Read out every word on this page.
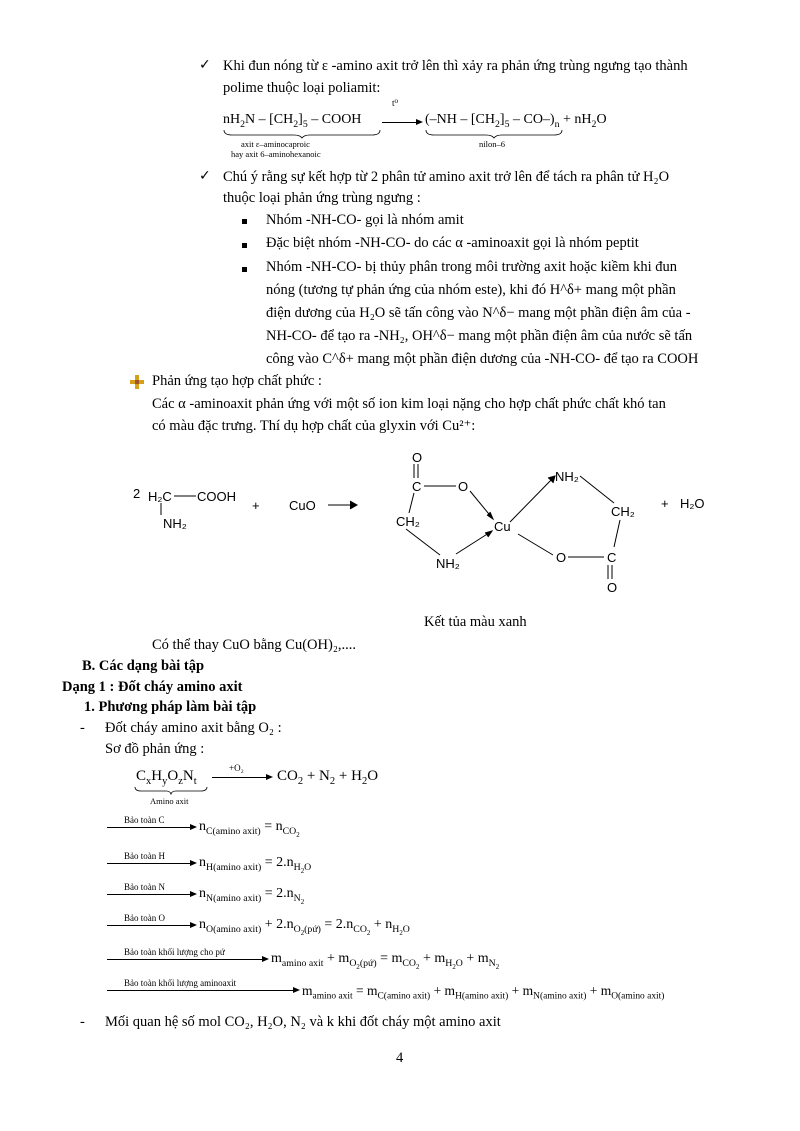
✓ Khi đun nóng từ ε -amino axit trở lên thì xảy ra phản ứng trùng ngưng tạo thành
polime thuộc loại poliamit:
$nH_2N - [CH_2]_5$ – COOH
t⁰
$(-NH - [CH_2]_5 - CO-)_n + nH_2O$
axit ε–aminocaproic
hay axit 6–aminohexanoic
nilon–6
✓ Chú ý rằng sự kết hợp từ 2 phân tử amino axit trở lên để tách ra phân tử H₂O
thuộc loại phản ứng trùng ngưng :
Nhóm -NH-CO- gọi là nhóm amit
Đặc biệt nhóm -NH-CO- do các α -aminoaxit gọi là nhóm peptit
Nhóm -NH-CO- bị thủy phân trong môi trường axit hoặc kiềm khi đun
nóng (tương tự phản ứng của nhóm este), khi đó H^δ+ mang một phần
điện dương của H₂O sẽ tấn công vào N^δ− mang một phần điện âm của -
NH-CO- để tạo ra -NH₂, OH^δ− mang một phần điện âm của nước sẽ tấn
công vào C^δ+ mang một phần điện dương của -NH-CO- để tạo ra COOH
Phản ứng tạo hợp chất phức :
Các α -aminoaxit phản ứng với một số ion kim loại nặng cho hợp chất phức chất khó tan
có màu đặc trưng. Thí dụ hợp chất của glyxin với Cu²⁺:
2 H₂C COOH
NH₂
+ CuO
O
C	O
CH₂	Cu
NH₂
NH₂
CH₂
O	C
O
+ H₂O
Kết tủa màu xanh
Có thể thay CuO bằng Cu(OH)₂,....
B. Các dạng bài tập
Dạng 1 : Đốt cháy amino axit
1. Phương pháp làm bài tập
- Đốt cháy amino axit bằng O₂ :
Sơ đồ phản ứng :
$C_xH_yO_zN_t$
+O₂ $CO_2 + N_2 + H_2O$
Amino axit
Bảo toàn C $n_{C(amino axit)} = n_{CO_2}$
Bảo toàn H $n_{H(amino axit)} = 2.n_{H_2O}$
Bảo toàn N $n_{N(amino axit)} = 2.n_{N_2}$
Bảo toàn O $n_{O(amino axit)} + 2.n_{O_2(pứ)} = 2.n_{CO_2} + n_{H_2O}$
Bảo toàn khối lượng cho pứ	$m_{amino axit} + m_{O_2(pứ)} = m_{CO_2} + m_{H_2O} + m_{N_2}$
Bảo toàn khối lượng aminoaxit	$m_{amino axit} = m_{C(amino axit)} + m_{H(amino axit)} + m_{N(amino axit)} + m_{O(amino axit)}$
- Mối quan hệ số mol CO₂, H₂O, N₂ và k khi đốt cháy một amino axit
4
